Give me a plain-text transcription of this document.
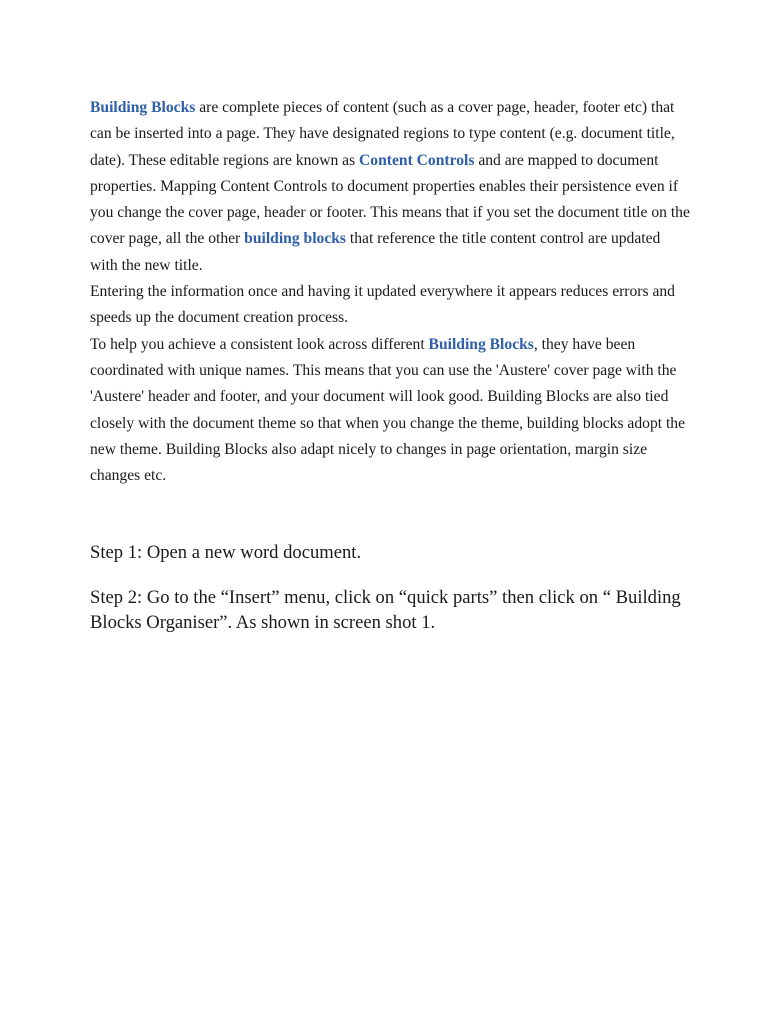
Building Blocks are complete pieces of content (such as a cover page, header, footer etc) that can be inserted into a page. They have designated regions to type content (e.g. document title, date). These editable regions are known as Content Controls and are mapped to document properties. Mapping Content Controls to document properties enables their persistence even if you change the cover page, header or footer. This means that if you set the document title on the cover page, all the other building blocks that reference the title content control are updated with the new title.

Entering the information once and having it updated everywhere it appears reduces errors and speeds up the document creation process.

To help you achieve a consistent look across different Building Blocks, they have been coordinated with unique names. This means that you can use the 'Austere' cover page with the 'Austere' header and footer, and your document will look good. Building Blocks are also tied closely with the document theme so that when you change the theme, building blocks adopt the new theme. Building Blocks also adapt nicely to changes in page orientation, margin size changes etc.

Step 1: Open a new word document.

Step 2: Go to the “Insert” menu, click on “quick parts” then click on “ Building Blocks Organiser”. As shown in screen shot 1.
